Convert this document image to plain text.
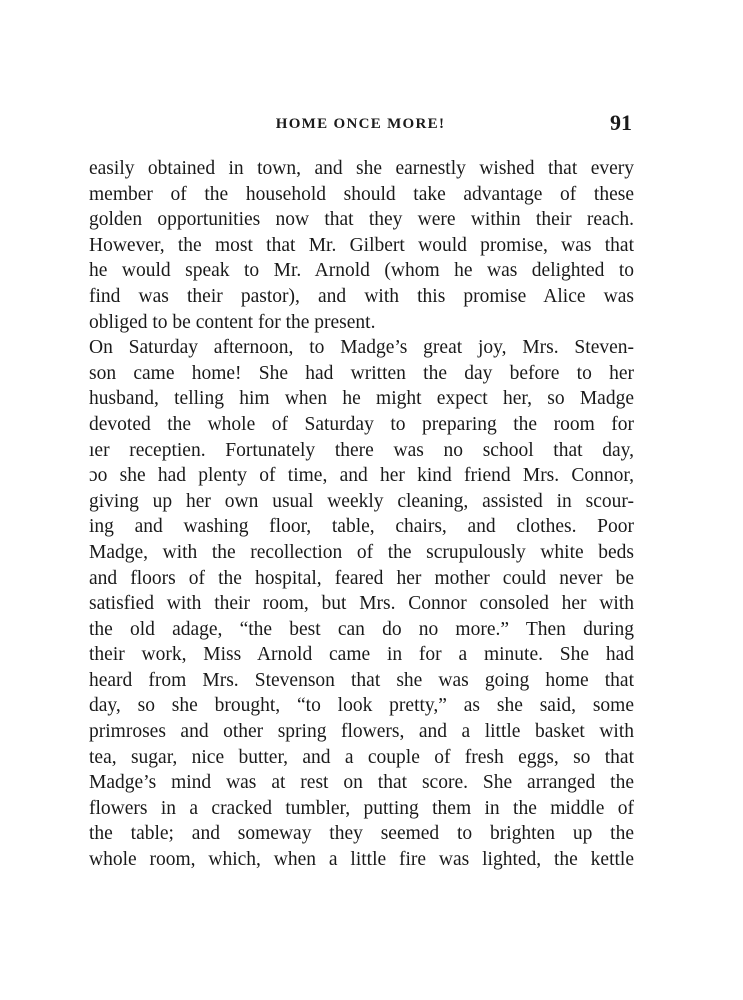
HOME ONCE MORE!	91
easily obtained in town, and she earnestly wished that every
member of the household should take advantage of these
golden opportunities now that they were within their reach.
However, the most that Mr. Gilbert would promise, was that
he would speak to Mr. Arnold (whom he was delighted to
find was their pastor), and with this promise Alice was
obliged to be content for the present.
On Saturday afternoon, to Madge’s great joy, Mrs. Steven-
son came home! She had written the day before to her
husband, telling him when he might expect her, so Madge
devoted the whole of Saturday to preparing the room for
ıer receptien. Fortunately there was no school that day,
ɔo she had plenty of time, and her kind friend Mrs. Connor,
giving up her own usual weekly cleaning, assisted in scour-
ing and washing floor, table, chairs, and clothes. Poor
Madge, with the recollection of the scrupulously white beds
and floors of the hospital, feared her mother could never be
satisfied with their room, but Mrs. Connor consoled her with
the old adage, “the best can do no more.” Then during
their work, Miss Arnold came in for a minute. She had
heard from Mrs. Stevenson that she was going home that
day, so she brought, “to look pretty,” as she said, some
primroses and other spring flowers, and a little basket with
tea, sugar, nice butter, and a couple of fresh eggs, so that
Madge’s mind was at rest on that score. She arranged the
flowers in a cracked tumbler, putting them in the middle of
the table; and someway they seemed to brighten up the
whole room, which, when a little fire was lighted, the kettle
